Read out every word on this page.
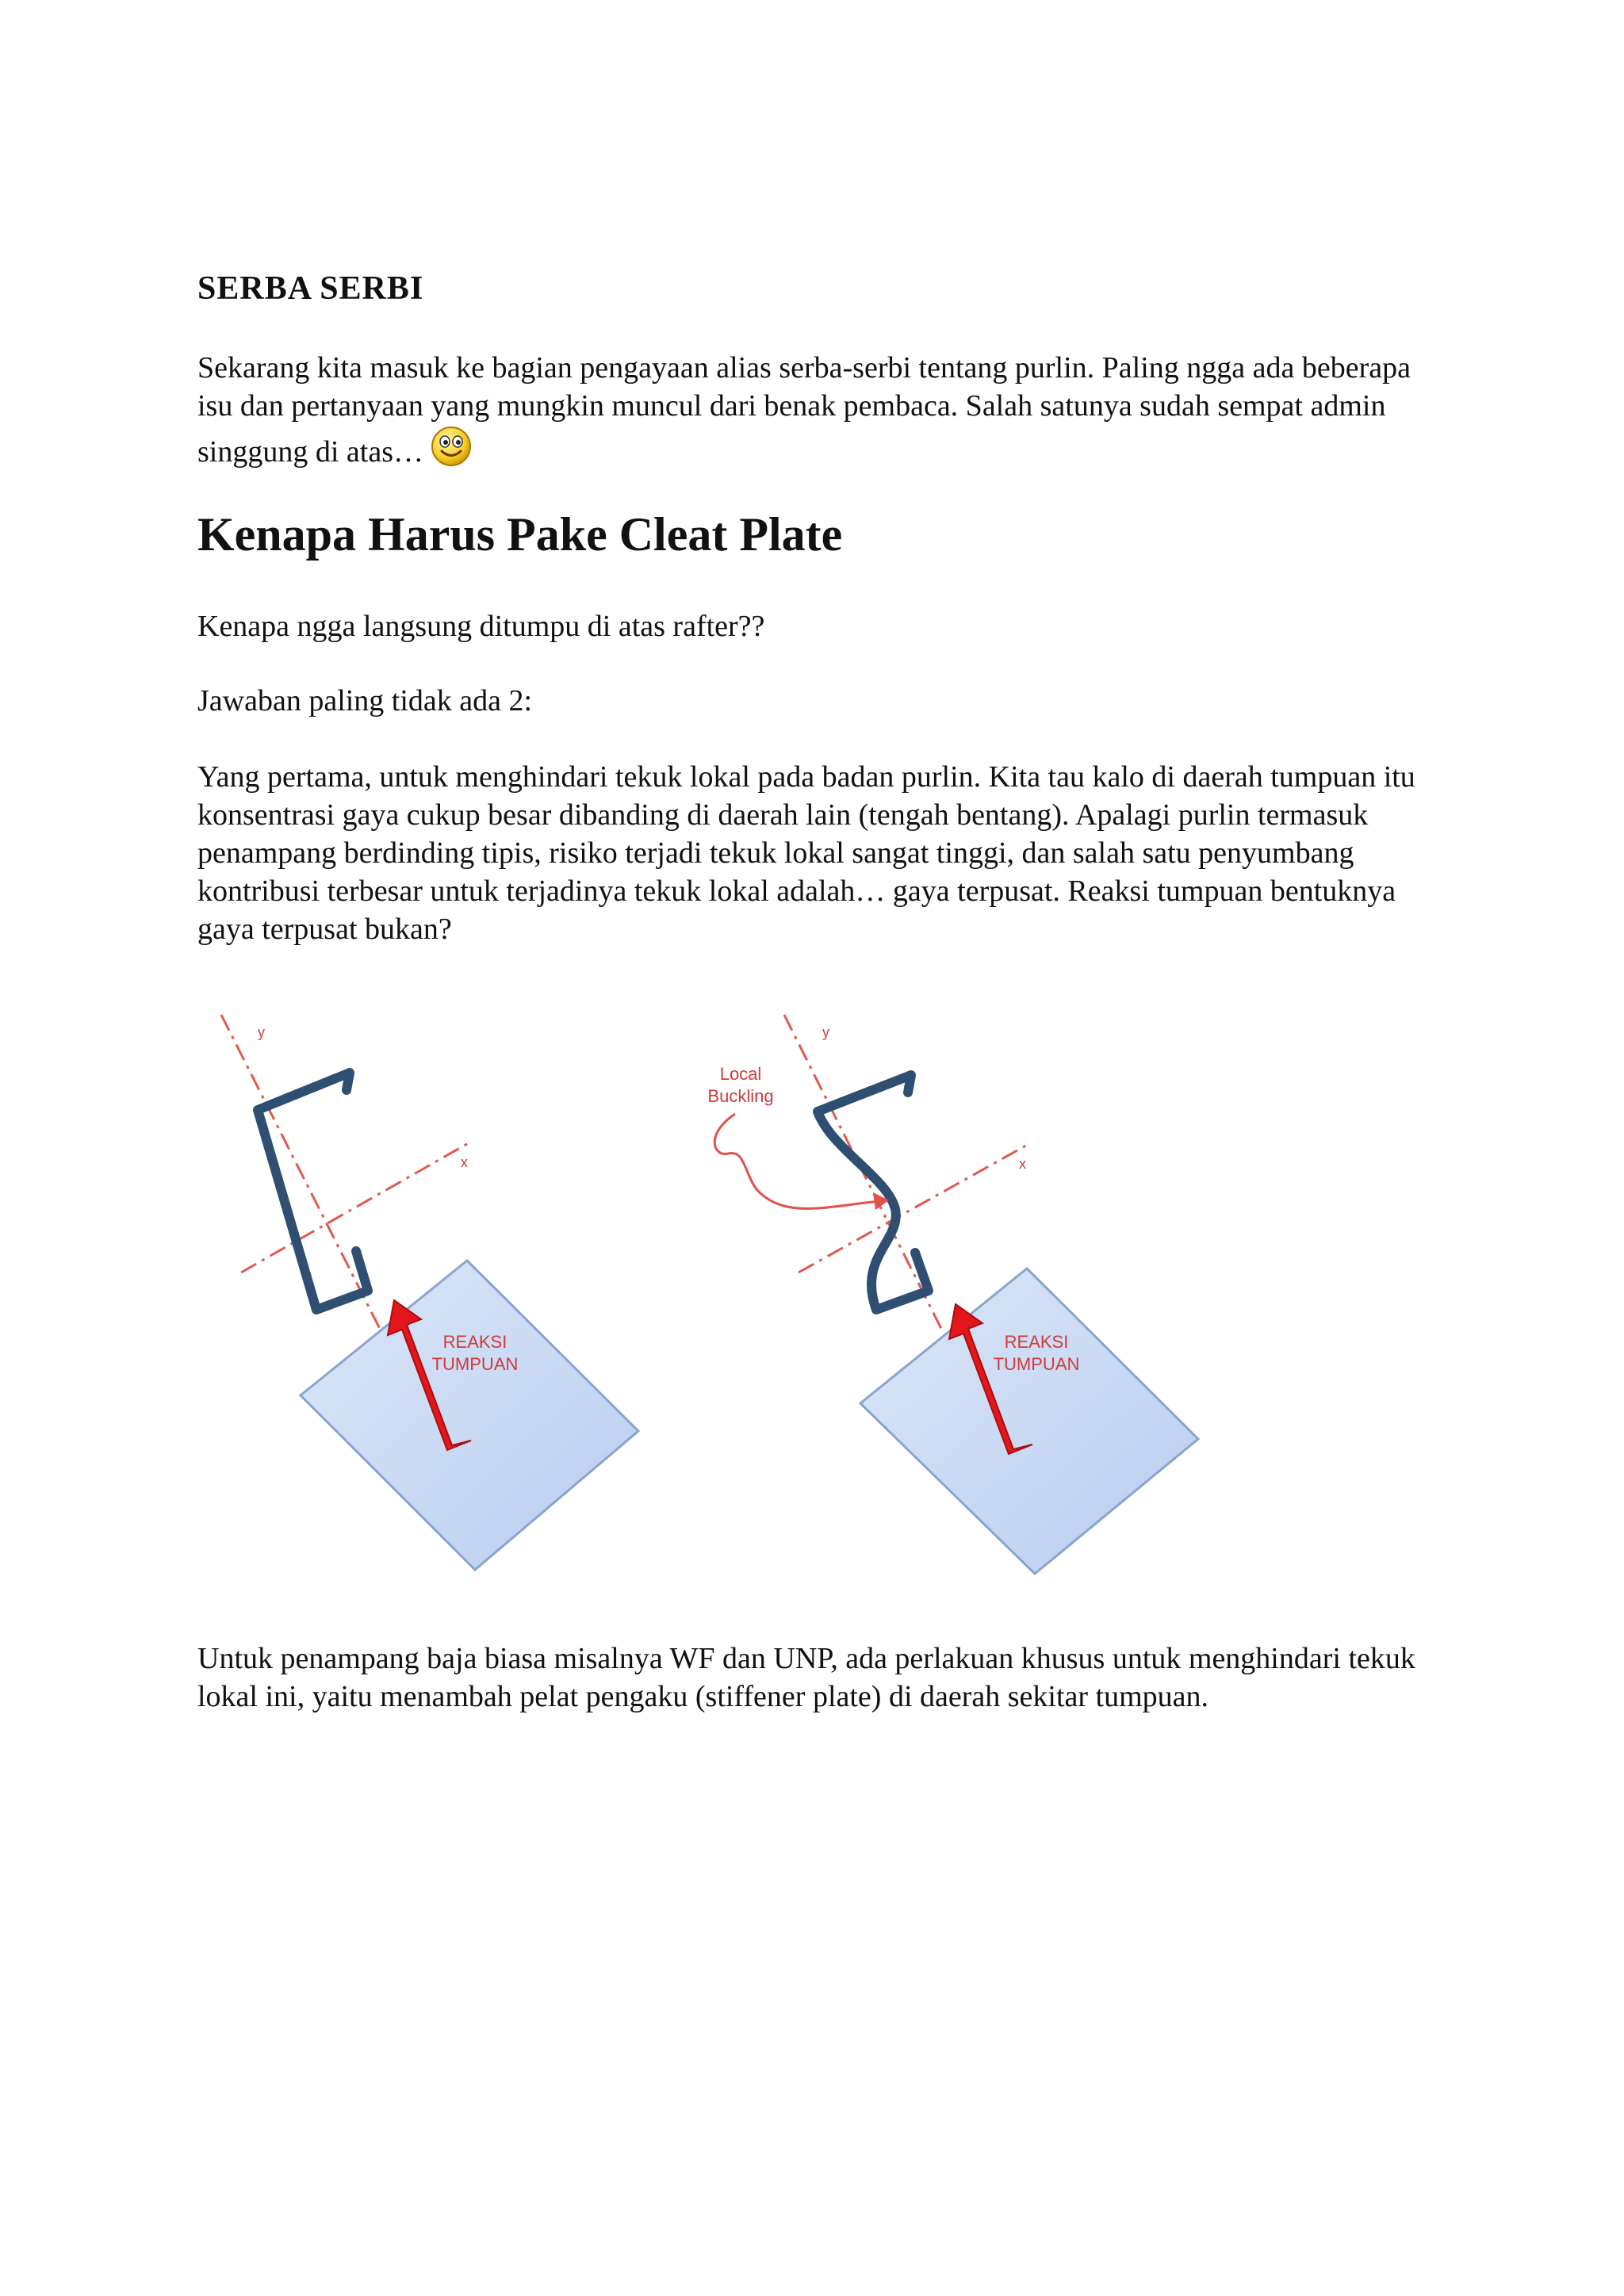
SERBA SERBI

Sekarang kita masuk ke bagian pengayaan alias serba-serbi tentang purlin. Paling ngga ada beberapa isu dan pertanyaan yang mungkin muncul dari benak pembaca. Salah satunya sudah sempat admin singgung di atas…

Kenapa Harus Pake Cleat Plate

Kenapa ngga langsung ditumpu di atas rafter??

Jawaban paling tidak ada 2:

Yang pertama, untuk menghindari tekuk lokal pada badan purlin. Kita tau kalo di daerah tumpuan itu konsentrasi gaya cukup besar dibanding di daerah lain (tengah bentang). Apalagi purlin termasuk penampang berdinding tipis, risiko terjadi tekuk lokal sangat tinggi, dan salah satu penyumbang kontribusi terbesar untuk terjadinya tekuk lokal adalah… gaya terpusat. Reaksi tumpuan bentuknya gaya terpusat bukan?

REAKSI
TUMPUAN
y
x
Local
Buckling
REAKSI
TUMPUAN
y
x

Untuk penampang baja biasa misalnya WF dan UNP, ada perlakuan khusus untuk menghindari tekuk lokal ini, yaitu menambah pelat pengaku (stiffener plate) di daerah sekitar tumpuan.
